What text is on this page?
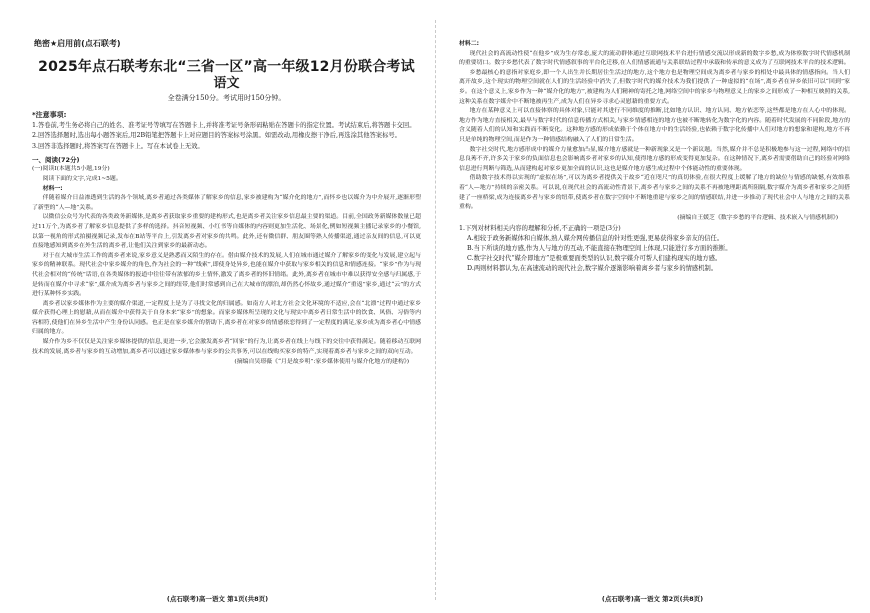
绝密★启用前(点石联考)
2025年点石联考东北“三省一区”高一年级12月份联合考试
语文
全卷满分150分。考试用时150分钟。
*注意事项:
1.答卷前,考生务必将自己的姓名、准考证号等填写在答题卡上,并将准考证号条形码粘贴在答题卡的指定位置。考试结束后,将答题卡交回。
2.回答选择题时,选出每小题答案后,用2B铅笔把答题卡上对应题目的答案标号涂黑。如需改动,用橡皮擦干净后,再选涂其他答案标号。
3.回答非选择题时,将答案写在答题卡上。写在本试卷上无效。
一、阅读(72分)
(一)阅读Ⅰ(本题共5小题,19分)
阅读下面的文字,完成1~5题。
材料一:

伴随着媒介日益渗透到生活的各个领域,离乡者通过各类媒体了解家乡的信息,家乡被建构为“媒介化的地方”,而怀乡也以媒介为中介展开,逐渐形塑了新型的“人—地”关系。

以微信公众号为代表的各类政务新媒体,是离乡者获取家乡重要的建构形式,也是离乡者关注家乡信息最主要的渠道。目前,全国政务新媒体数量已超过11万个,为离乡者了解家乡信息提供了多样的选择。抖音短视频、小红书等自媒体的内容则更加生活化、场景化,例如短视频主播记录家乡的小餐馆,以第一视角的形式拍摄视频记录,发布在B站等平台上,引发离乡者对家乡的共鸣。此外,还有微信群、朋友圈等熟人传播渠道,通过亲友间的信息,可以更直接地感知到离乡在外生活的离乡者,让他们关注到家乡的最新动态。

对于在大城市生活工作的离乡者来说,家乡意义是熟悉而又陌生的存在。借由媒介技术的发展,人们在城市通过媒介了解家乡的变化与发展,建立起与家乡的精神联系。现代社会中家乡媒介的角色,作为社会的一种“线索”,即使身处异乡,也能在媒介中获取与家乡相关的信息和情感连接。“家乡”作为与现代社会相对的“传统”话语,在各类媒体的报道中往往带有浓郁的乡土情怀,激发了离乡者的怀旧情绪。此外,离乡者在城市中难以获得安全感与归属感,于是转而在媒介中寻求“家”,媒介成为离乡者与家乡之间的纽带,他们时常感到自己在大城市的漂泊,却仍然心怀故乡,通过媒介“重返”家乡,通过“云”的方式进行某种怀乡实践。

离乡者以家乡媒体作为主要的媒介渠道,一定程度上是为了寻找文化的归属感。如南方人对北方社会文化环境的不适应,会在“北漂”过程中通过家乡媒介获得心理上的慰藉,从而在媒介中获得关于自身本来“家乡”的想象。而家乡媒体所呈现的文化与现实中离乡者日常生活中的饮食、风俗、习俗等内容相符,使他们在异乡生活中产生身份认同感。也正是在家乡媒介的帮助下,离乡者在对家乡的情感依恋得到了一定程度的满足,家乡成为离乡者心中情感归属的地方。

媒介作为乡不仅仅是关注家乡媒体提供的信息,更进一步,它会激发离乡者“回家”的行为,让离乡者在线上与线下的交往中获得满足。随着移动互联网技术的发展,离乡者与家乡的互动增加,离乡者可以通过家乡媒体参与家乡的公共事务,可以在线购买家乡的特产,实现着离乡者与家乡之间的双向互动。

(摘编自吴璟薇《“月是故乡明”:家乡媒体使用与媒介化地方的建构》)
(点石联考)高一语文 第1页(共8页)
材料二:

现代社会的高流动性使“在他乡”成为生存常态,庞大的流动群体通过互联网技术平台进行情感交流以形成新的数字乡愁,成为体察数字时代情感机制的重要切口。数字乡愁代表了数字时代情感叙事的平台化迁移,在人们情感流通与关系联结过程中承载和传承的意义成为了互联网技术平台的技术逻辑。

乡愁最核心的意指对家庭乡,即一个人出生并长期居住生活过的地方,这个地方也是物理空间成为离乡者与家乡的相处中最具体的情感指向。当人们离开故乡,这个现实的物理空间就在人们的生活经验中消失了,但数字时代的媒介技术为我们提供了一种虚拟的“在场”,离乡者在异乡依旧可以“回到”家乡。在这个意义上,家乡作为一种“媒介化的地方”,被建构为人们精神的寄托之地,网络空间中的家乡与物理意义上的家乡之间形成了一种相互映照的关系,这种关系在数字媒介中不断地被再生产,成为人们在异乡寻求心灵慰藉的重要方式。

地方在某种意义上可以直接体察的具体对象,只能对其进行不同维度的推断,比如地方认识、地方认同、地方依恋等,这些都是地方在人心中的体现。地方作为地方直接相关,最早与数字时代的信息传播方式相关,与家乡情感相连的地方也被不断地转化为数字化的内容。随着时代发展的不同阶段,地方的含义随着人们的认知和实践而不断变化。这种地方感的形成依赖于个体在地方中的生活经验,也依赖于数字化传播中人们对地方的想象和建构,地方不再只是单纯的物理空间,而是作为一种情感结构融入了人们的日常生活。

数字社交时代,地方感形成中的媒介力量愈加凸显,媒介地方感就是一种新现象又是一个新议题。当然,媒介并不总是积极地参与这一过程,网络中的信息良莠不齐,许多关于家乡的负面信息也会影响离乡者对家乡的认知,使得地方感的形成变得更加复杂。在这种情况下,离乡者需要借助自己的经验对网络信息进行判断与筛选,从而建构起对家乡更加全面的认识,这也是媒介地方感生成过程中个体能动性的重要体现。

借助数字技术得以实现的“虚拟在场”,可以为离乡者提供关于故乡“近在咫尺”的真切体验,在很大程度上缓解了地方的缺位与情感的缺憾,有效维系着“人—地方”持续的亲密关系。可以说,在现代社会的高流动性背景下,离乡者与家乡之间的关系不再被地理距离所阻隔,数字媒介为离乡者和家乡之间搭建了一座桥梁,成为连接离乡者与家乡的纽带,使离乡者在数字空间中不断地重建与家乡之间的情感联结,并进一步推动了现代社会中人与地方之间的关系重构。

(摘编自王媛芝《数字乡愁的平台逻辑、技术嵌入与情感机制》)

1.下列对材料相关内容的理解和分析,不正确的一项是(3分)

A.相较于政务新媒体和自媒体,熟人媒介网传播信息的针对性更强,更易获得家乡亲友的信任。

B.当下所谈的地方感,作为人与地方的互动,不能直接在物理空间上体现,只能进行多方面的推断。

C.数字社交时代“媒介即地方”是极重要面类型的认识,数字媒介可帮人们建构现实的地方感。

D.两则材料都认为,在高速流动的现代社会,数字媒介逐渐影响着离乡者与家乡的情感机制。

(点石联考)高一语文 第2页(共8页)
